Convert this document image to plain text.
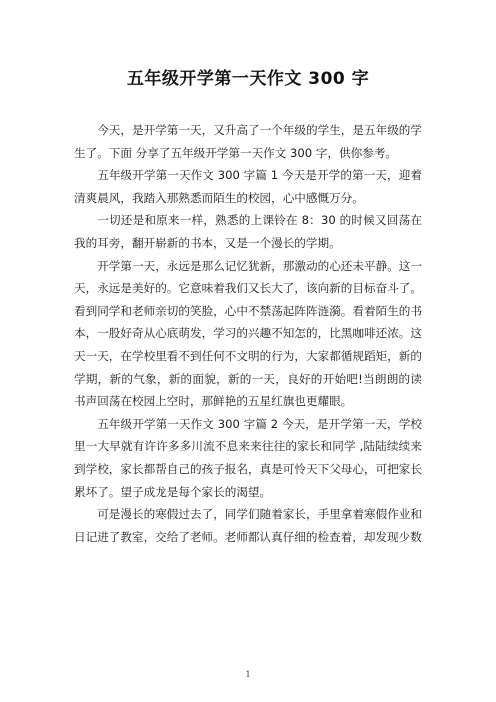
五年级开学第一天作文 300 字

今天，是开学第一天，又升高了一个年级的学生，是五年级的学生了。下面 分享了五年级开学第一天作文 300 字，供你参考。

五年级开学第一天作文 300 字篇 1 今天是开学的第一天，迎着清爽晨风，我踏入那熟悉而陌生的校园，心中感慨万分。

一切还是和原来一样，熟悉的上课铃在 8：30 的时候又回荡在我的耳旁，翻开崭新的书本，又是一个漫长的学期。

开学第一天，永远是那么记忆犹新，那激动的心还未平静。这一天，永远是美好的。它意味着我们又长大了，该向新的目标奋斗了。看到同学和老师亲切的笑脸，心中不禁荡起阵阵涟漪。看着陌生的书本，一股好奇从心底萌发，学习的兴趣不知怎的，比黑咖啡还浓。这天一天，在学校里看不到任何不文明的行为，大家都循规蹈矩，新的学期，新的气象，新的面貌，新的一天，良好的开始吧!当朗朗的读书声回荡在校园上空时，那鲜艳的五星红旗也更耀眼。

五年级开学第一天作文 300 字篇 2 今天，是开学第一天，学校里一大早就有许许多多川流不息来来往往的家长和同学 ,陆陆续续来到学校，家长都帮自己的孩子报名，真是可怜天下父母心，可把家长累坏了。望子成龙是每个家长的渴望。

可是漫长的寒假过去了，同学们随着家长，手里拿着寒假作业和日记进了教室，交给了老师。老师都认真仔细的检查着，却发现少数

1
